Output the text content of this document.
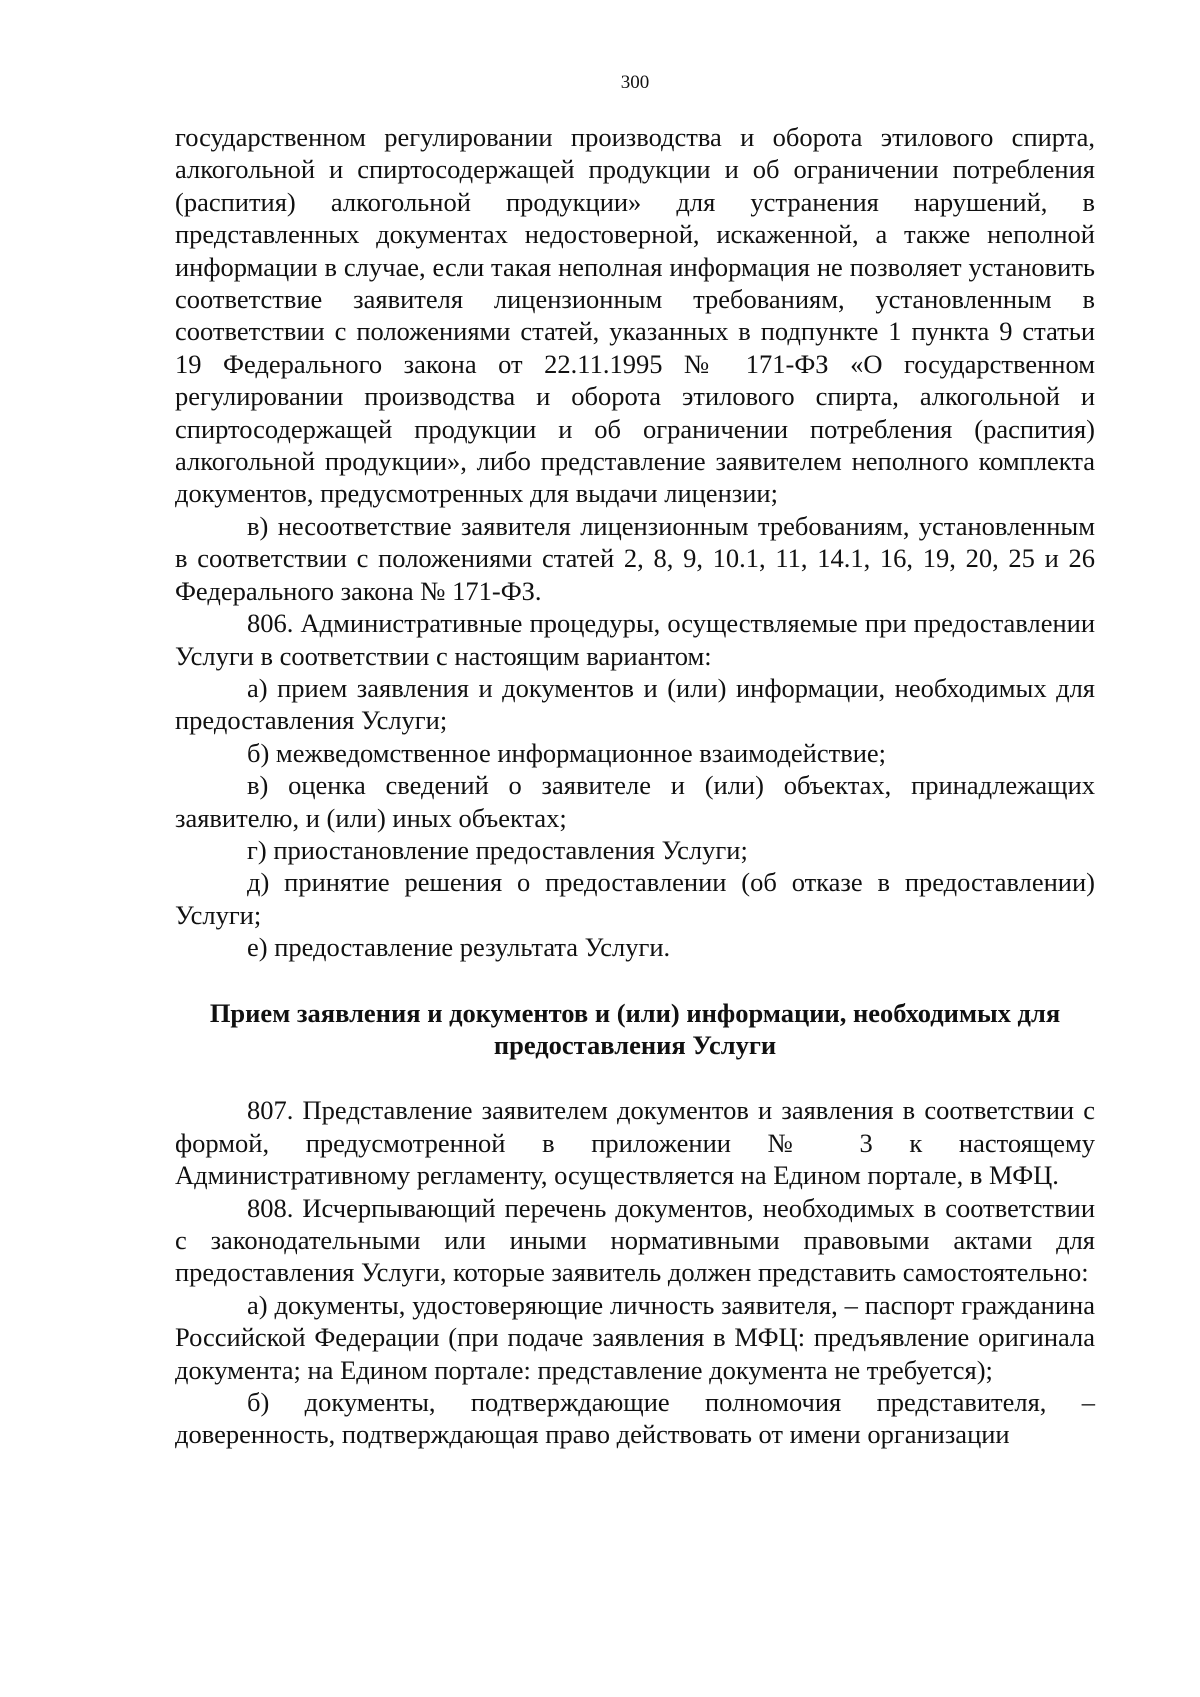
300

государственном регулировании производства и оборота этилового спирта, алкогольной и спиртосодержащей продукции и об ограничении потребления (распития) алкогольной продукции» для устранения нарушений, в представленных документах недостоверной, искаженной, а также неполной информации в случае, если такая неполная информация не позволяет установить соответствие заявителя лицензионным требованиям, установленным в соответствии с положениями статей, указанных в подпункте 1 пункта 9 статьи 19 Федерального закона от 22.11.1995 № 171-ФЗ «О государственном регулировании производства и оборота этилового спирта, алкогольной и спиртосодержащей продукции и об ограничении потребления (распития) алкогольной продукции», либо представление заявителем неполного комплекта документов, предусмотренных для выдачи лицензии;

в) несоответствие заявителя лицензионным требованиям, установленным в соответствии с положениями статей 2, 8, 9, 10.1, 11, 14.1, 16, 19, 20, 25 и 26 Федерального закона № 171-ФЗ.

806. Административные процедуры, осуществляемые при предоставлении Услуги в соответствии с настоящим вариантом:

а) прием заявления и документов и (или) информации, необходимых для предоставления Услуги;

б) межведомственное информационное взаимодействие;

в) оценка сведений о заявителе и (или) объектах, принадлежащих заявителю, и (или) иных объектах;

г) приостановление предоставления Услуги;

д) принятие решения о предоставлении (об отказе в предоставлении) Услуги;

е) предоставление результата Услуги.

Прием заявления и документов и (или) информации, необходимых для

предоставления Услуги

807. Представление заявителем документов и заявления в соответствии с формой, предусмотренной в приложении № 3 к настоящему Административному регламенту, осуществляется на Едином портале, в МФЦ.

808. Исчерпывающий перечень документов, необходимых в соответствии с законодательными или иными нормативными правовыми актами для предоставления Услуги, которые заявитель должен представить самостоятельно:

а) документы, удостоверяющие личность заявителя, – паспорт гражданина Российской Федерации (при подаче заявления в МФЦ: предъявление оригинала документа; на Едином портале: представление документа не требуется);

б) документы, подтверждающие полномочия представителя, – доверенность, подтверждающая право действовать от имени организации
